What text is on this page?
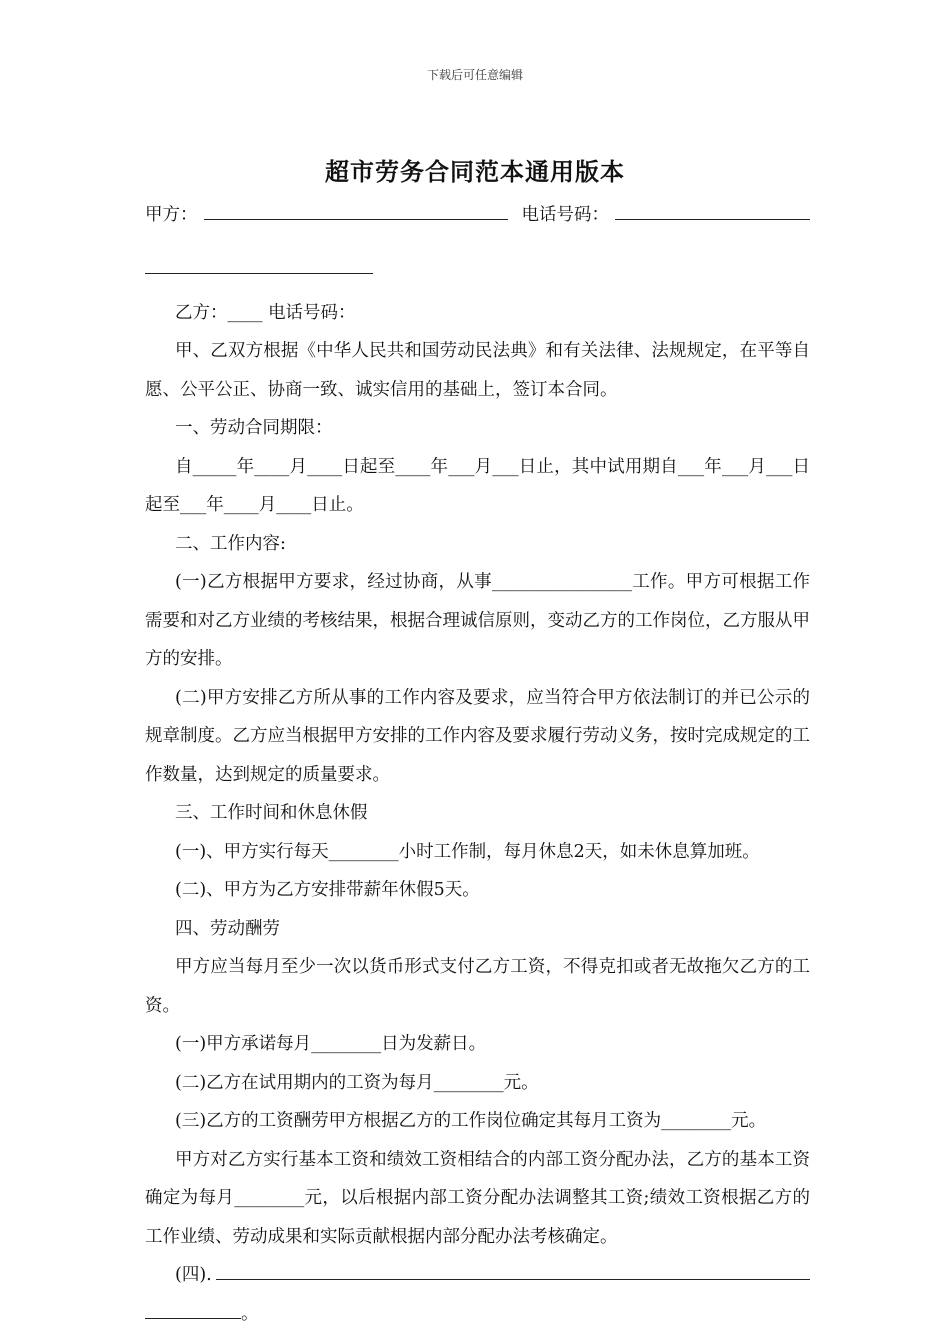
下载后可任意编辑
超市劳务合同范本通用版本
甲方：	电话号码：

乙方：____ 电话号码：

甲、乙双方根据《中华人民共和国劳动民法典》和有关法律、法规规定，在平等自愿、公平公正、协商一致、诚实信用的基础上，签订本合同。

一、劳动合同期限：

自_____年____月____日起至____年___月___日止，其中试用期自___年___月___日起至___年____月____日止。

二、工作内容:

(一)乙方根据甲方要求，经过协商，从事________________工作。甲方可根据工作需要和对乙方业绩的考核结果，根据合理诚信原则，变动乙方的工作岗位，乙方服从甲方的安排。

(二)甲方安排乙方所从事的工作内容及要求，应当符合甲方依法制订的并已公示的规章制度。乙方应当根据甲方安排的工作内容及要求履行劳动义务，按时完成规定的工作数量，达到规定的质量要求。

三、工作时间和休息休假

(一)、甲方实行每天________小时工作制，每月休息2天，如未休息算加班。

(二)、甲方为乙方安排带薪年休假5天。

四、劳动酬劳

甲方应当每月至少一次以货币形式支付乙方工资，不得克扣或者无故拖欠乙方的工资。

(一)甲方承诺每月________日为发薪日。

(二)乙方在试用期内的工资为每月________元。

(三)乙方的工资酬劳甲方根据乙方的工作岗位确定其每月工资为________元。

甲方对乙方实行基本工资和绩效工资相结合的内部工资分配办法，乙方的基本工资确定为每月________元，以后根据内部工资分配办法调整其工资;绩效工资根据乙方的工作业绩、劳动成果和实际贡献根据内部分配办法考核确定。

(四).
。
